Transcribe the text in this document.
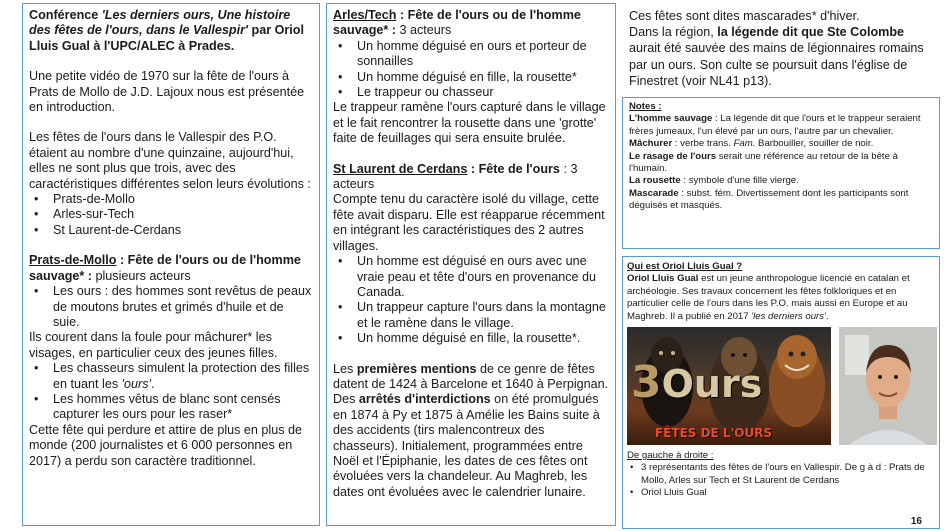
Conférence 'Les derniers ours, Une histoire des fêtes de l'ours, dans le Vallespir' par Oriol Lluis Gual à l'UPC/ALEC à Prades.

Une petite vidéo de 1970 sur la fête de l'ours à Prats de Mollo de J.D. Lajoux nous est présentée en introduction.

Les fêtes de l'ours dans le Vallespir des P.O. étaient au nombre d'une quinzaine, aujourd'hui, elles ne sont plus que trois, avec des caractéristiques différentes selon leurs évolutions :

• Prats-de-Mollo
• Arles-sur-Tech
• St Laurent-de-Cerdans

Prats-de-Mollo : Fête de l'ours ou de l'homme sauvage* : plusieurs acteurs

• Les ours : des hommes sont revêtus de peaux de moutons brutes et grimés d'huile et de suie.

Ils courent dans la foule pour mâchurer* les visages, en particulier ceux des jeunes filles.

• Les chasseurs simulent la protection des filles en tuant les 'ours'.
• Les hommes vêtus de blanc sont censés capturer les ours pour les raser*

Cette fête qui perdure et attire de plus en plus de monde (200 journalistes et 6 000 personnes en 2017) a perdu son caractère traditionnel.

Arles/Tech : Fête de l'ours ou de l'homme sauvage* : 3 acteurs

• Un homme déguisé en ours et porteur de sonnailles
• Un homme déguisé en fille, la rousette*
• Le trappeur ou chasseur

Le trappeur ramène l'ours capturé dans le village et le fait rencontrer la rousette dans une 'grotte' faite de feuillages qui sera ensuite brulée.

St Laurent de Cerdans : Fête de l'ours : 3 acteurs

Compte tenu du caractère isolé du village, cette fête avait disparu. Elle est réapparue récemment en intégrant les caractéristiques des 2 autres villages.

• Un homme est déguisé en ours avec une vraie peau et tête d'ours en provenance du Canada.
• Un trappeur capture l'ours dans la montagne et le ramène dans le village.
• Un homme déguisé en fille, la rousette*.

Les premières mentions de ce genre de fêtes datent de 1424 à Barcelone et 1640 à Perpignan.

Des arrêtés d'interdictions on été promulgués en 1874 à Py et 1875 à Amélie les Bains suite à des accidents (tirs malencontreux des chasseurs). Initialement, programmées entre Noël et l'Épiphanie, les dates de ces fêtes ont évoluées vers la chandeleur. Au Maghreb, les dates ont évoluées avec le calendrier lunaire.

Ces fêtes sont dites mascarades* d'hiver.

Dans la région, la légende dit que Ste Colombe aurait été sauvée des mains de légionnaires romains par un ours. Son culte se poursuit dans l'église de Finestret (voir NL41 p13).

Notes :

L'homme sauvage : La légende dit que l'ours et le trappeur seraient frères jumeaux, l'un élevé par un ours, l'autre par un chevalier.

Mâchurer : verbe trans. Fam. Barbouiller, souiller de noir.

Le rasage de l'ours serait une référence au retour de la bête à l'humain.

La rousette : symbole d'une fille vierge.

Mascarade : subst. fém. Divertissement dont les participants sont déguisés et masqués.

Qui est Oriol Lluis Gual ?

Oriol Lluis Gual est un jeune anthropologue licencié en catalan et archéologie. Ses travaux concernent les fêtes folkloriques et en particulier celle de l'ours dans les P.O. mais aussi en Europe et au Maghreb. Il a publié en 2017 'les derniers ours'.

3Ours
FÊTES DE L'OURS

De gauche à droite :

• 3 représentants des fêtes de l'ours en Vallespir. De g à d : Prats de Mollo, Arles sur Tech et St Laurent de Cerdans
• Oriol Lluis Gual
16
